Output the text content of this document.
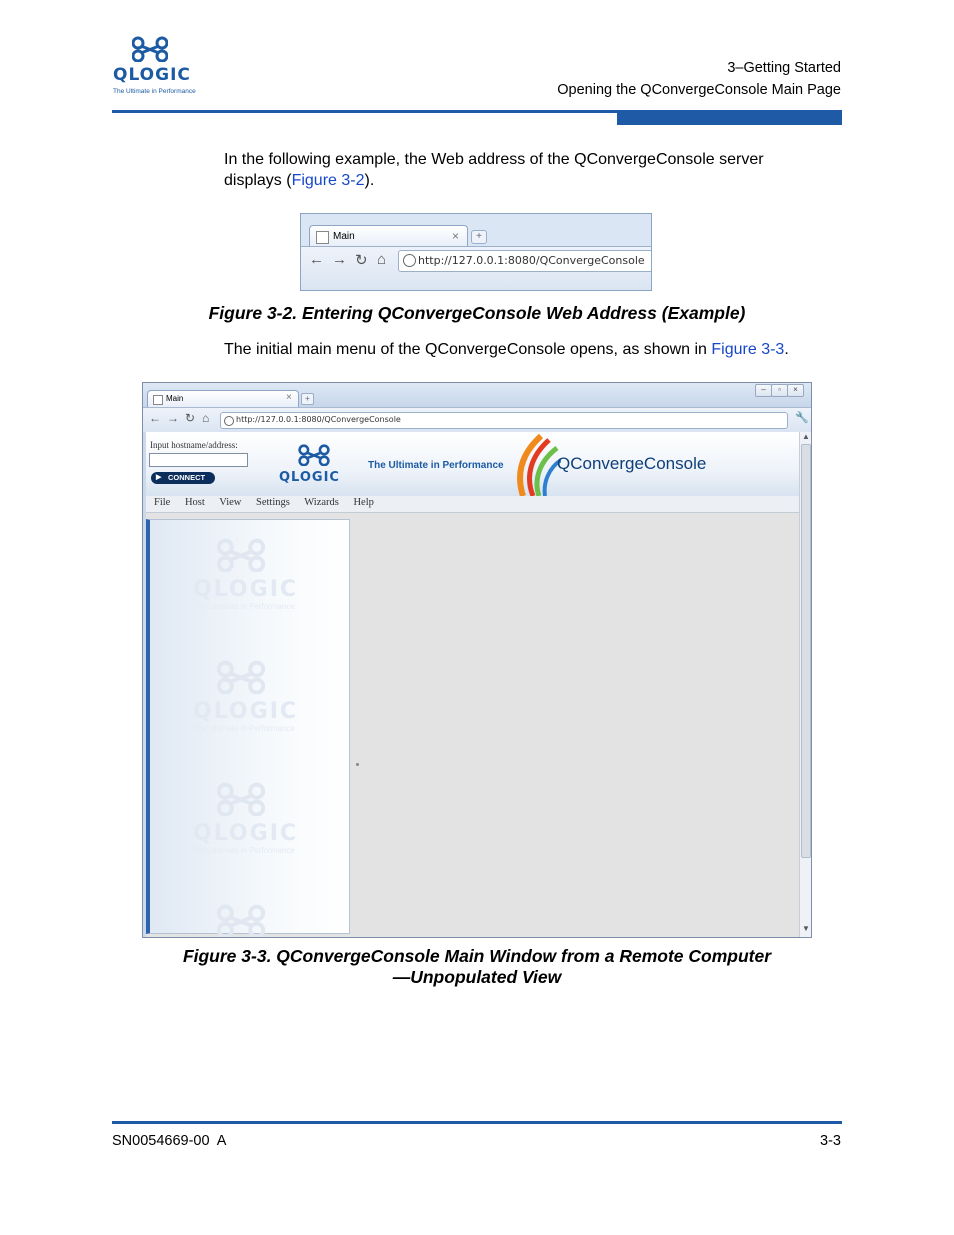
QLOGIC
The Ultimate in Performance
3–Getting Started
Opening the QConvergeConsole Main Page
In the following example, the Web address of the QConvergeConsole server displays (Figure 3-2).
Main	×	+
← → ↻ ⌂	http://127.0.0.1:8080/QConvergeConsole
Figure 3-2. Entering QConvergeConsole Web Address (Example)
The initial main menu of the QConvergeConsole opens, as shown in Figure 3-3.
Main	×	+
–	▫	×
← → ↻ ⌂	http://127.0.0.1:8080/QConvergeConsole	🔧
Input hostname/address:
▶ CONNECT	QLOGIC
The Ultimate in Performance	QConvergeConsole
File Host View Settings Wizards Help
QLOGIC
The Ultimate in Performance
QLOGIC
The Ultimate in Performance
QLOGIC
The Ultimate in Performance
▲
▼
Figure 3-3. QConvergeConsole Main Window from a Remote Computer
—Unpopulated View
SN0054669-00  A	3-3
